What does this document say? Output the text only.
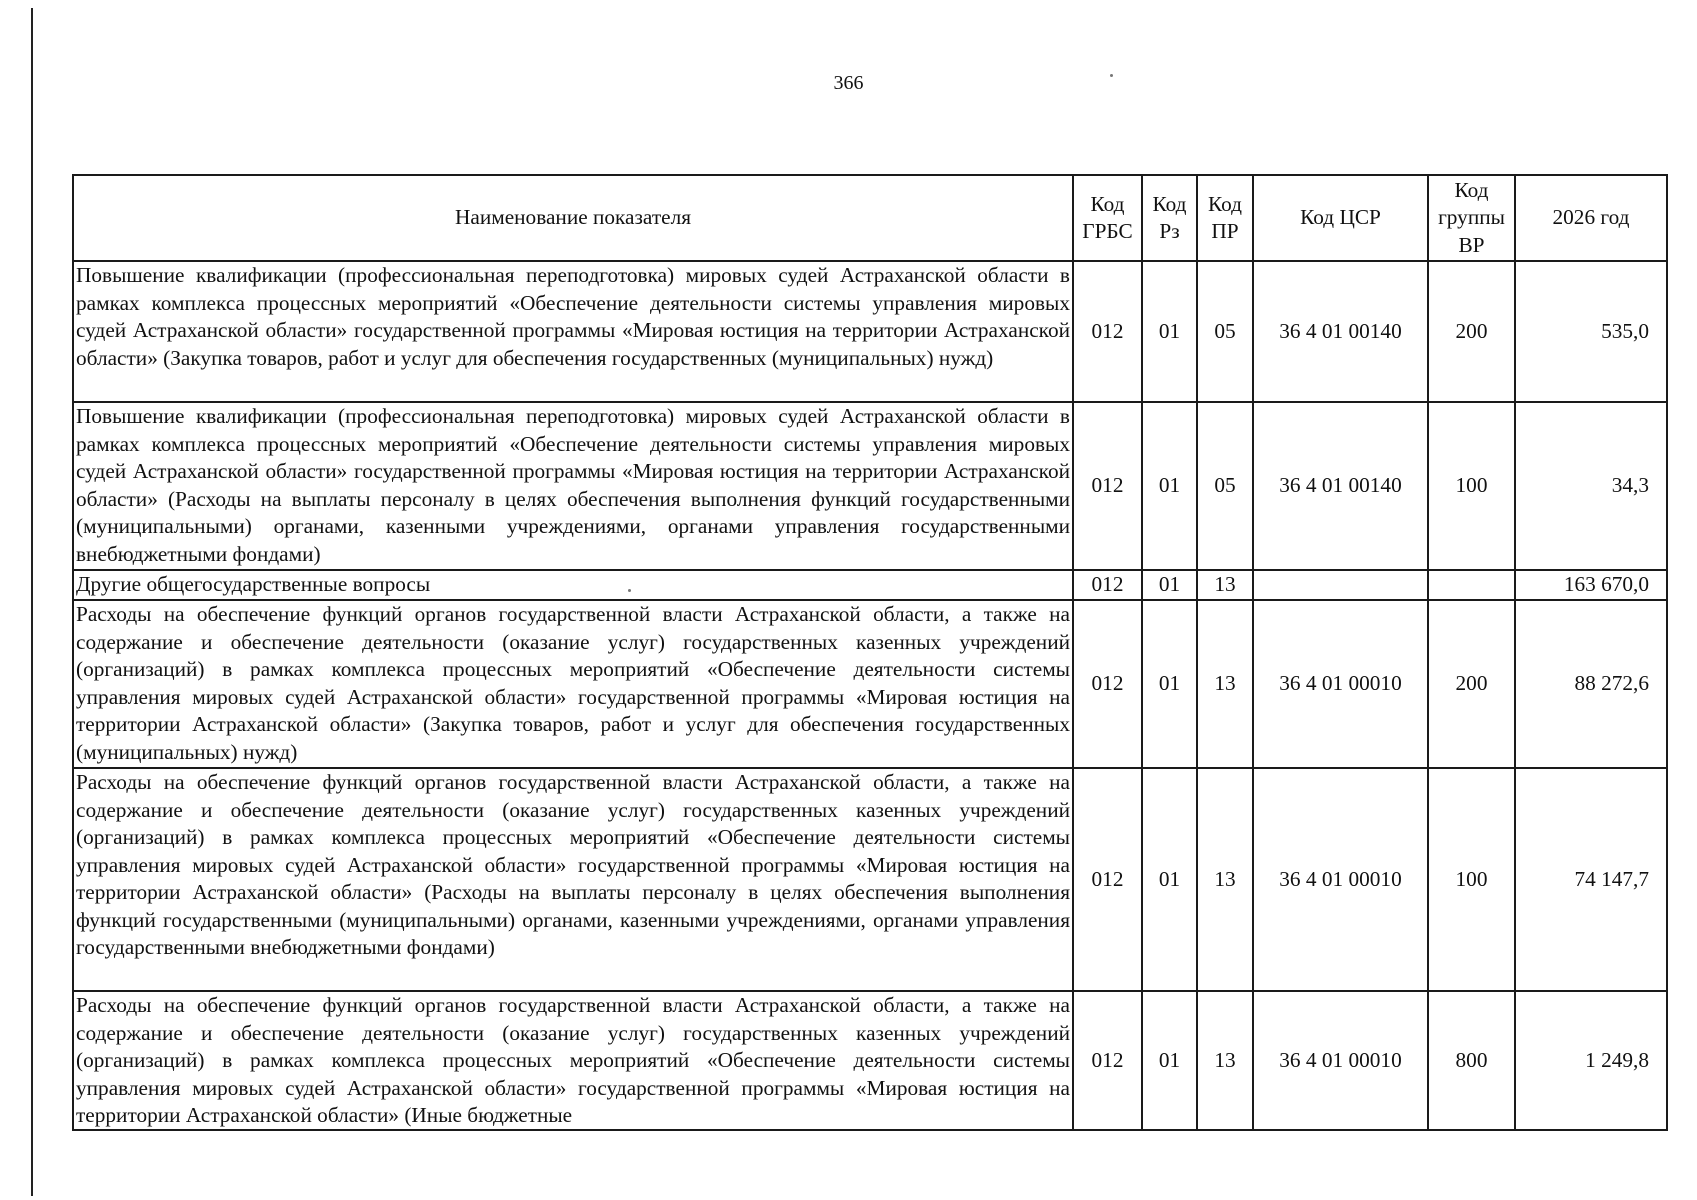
366
Наименование показателя	Код ГРБС	Код Рз	Код ПР	Код ЦСР	Код группы ВР	2026 год
Повышение квалификации (профессиональная переподготовка) мировых судей Астраханской области в рамках комплекса процессных мероприятий «Обеспечение деятельности системы управления мировых судей Астраханской области» государственной программы «Мировая юстиция на территории Астраханской области» (Закупка товаров, работ и услуг для обеспечения государственных (муниципальных) нужд)	012	01	05	36 4 01 00140	200	535,0
Повышение квалификации (профессиональная переподготовка) мировых судей Астраханской области в рамках комплекса процессных мероприятий «Обеспечение деятельности системы управления мировых судей Астраханской области» государственной программы «Мировая юстиция на территории Астраханской области» (Расходы на выплаты персоналу в целях обеспечения выполнения функций государственными (муниципальными) органами, казенными учреждениями, органами управления государственными внебюджетными фондами)	012	01	05	36 4 01 00140	100	34,3
Другие общегосударственные вопросы	012	01	13			163 670,0
Расходы на обеспечение функций органов государственной власти Астраханской области, а также на содержание и обеспечение деятельности (оказание услуг) государственных казенных учреждений (организаций) в рамках комплекса процессных мероприятий «Обеспечение деятельности системы управления мировых судей Астраханской области» государственной программы «Мировая юстиция на территории Астраханской области» (Закупка товаров, работ и услуг для обеспечения государственных (муниципальных) нужд)	012	01	13	36 4 01 00010	200	88 272,6
Расходы на обеспечение функций органов государственной власти Астраханской области, а также на содержание и обеспечение деятельности (оказание услуг) государственных казенных учреждений (организаций) в рамках комплекса процессных мероприятий «Обеспечение деятельности системы управления мировых судей Астраханской области» государственной программы «Мировая юстиция на территории Астраханской области» (Расходы на выплаты персоналу в целях обеспечения выполнения функций государственными (муниципальными) органами, казенными учреждениями, органами управления государственными внебюджетными фондами)	012	01	13	36 4 01 00010	100	74 147,7

Расходы на обеспечение функций органов государственной власти Астраханской области, а также на содержание и обеспечение деятельности (оказание услуг) государственных казенных учреждений (организаций) в рамках комплекса процессных мероприятий «Обеспечение деятельности системы управления мировых судей Астраханской области» государственной программы «Мировая юстиция на территории Астраханской области» (Иные бюджетные	012	01	13	36 4 01 00010	800	1 249,8
